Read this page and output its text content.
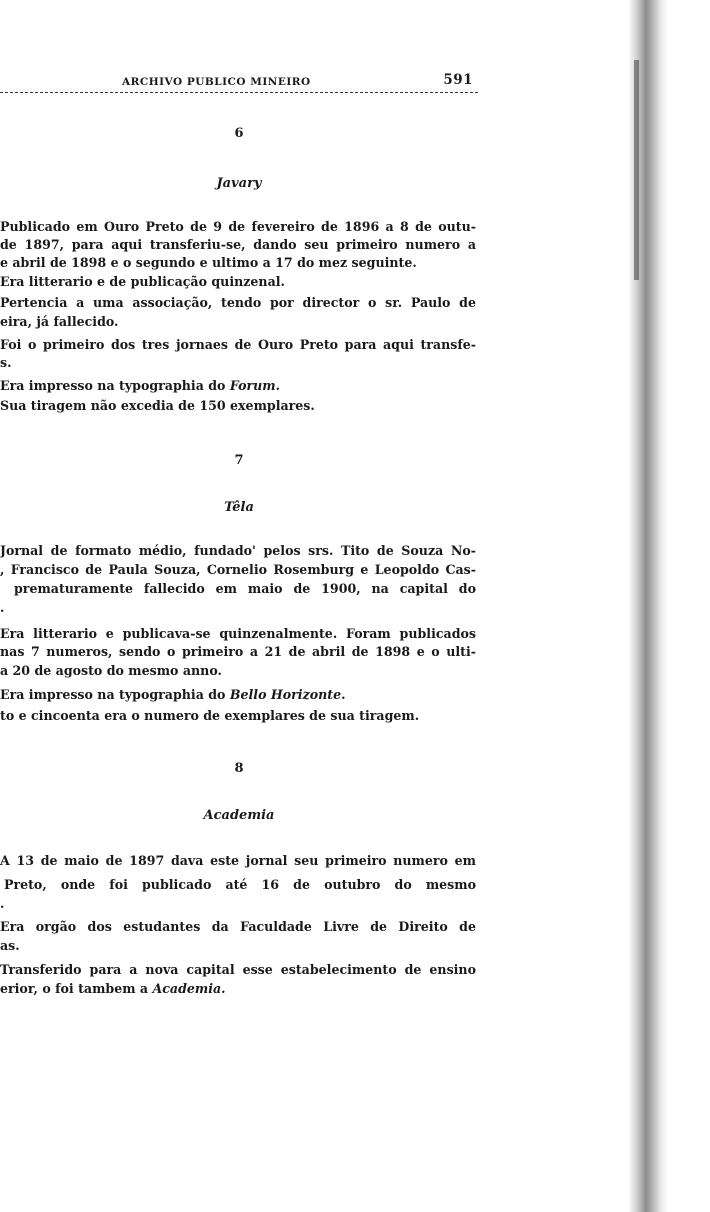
ARCHIVO PUBLICO MINEIRO	591
6
Javary

Publicado em Ouro Preto de 9 de fevereiro de 1896 a 8 de outu-

de 1897, para aqui transferiu-se, dando seu primeiro numero a

e abril de 1898 e o segundo e ultimo a 17 do mez seguinte.

Era litterario e de publicação quinzenal.

Pertencia a uma associação, tendo por director o sr. Paulo de

eira, já fallecido.

Foi o primeiro dos tres jornaes de Ouro Preto para aqui transfe-

s.

Era impresso na typographia do Forum.

Sua tiragem não excedia de 150 exemplares.

7
Têla

Jornal de formato médio, fundado' pelos srs. Tito de Souza No-

, Francisco de Paula Souza, Cornelio Rosemburg e Leopoldo Cas-

prematuramente fallecido em maio de 1900, na capital do

.

Era litterario e publicava-se quinzenalmente. Foram publicados

nas 7 numeros, sendo o primeiro a 21 de abril de 1898 e o ulti-

a 20 de agosto do mesmo anno.

Era impresso na typographia do Bello Horizonte.

to e cincoenta era o numero de exemplares de sua tiragem.

8
Academia

A 13 de maio de 1897 dava este jornal seu primeiro numero em

Preto, onde foi publicado até 16 de outubro do mesmo

.

Era orgão dos estudantes da Faculdade Livre de Direito de

as.

Transferido para a nova capital esse estabelecimento de ensino

erior, o foi tambem a Academia.
